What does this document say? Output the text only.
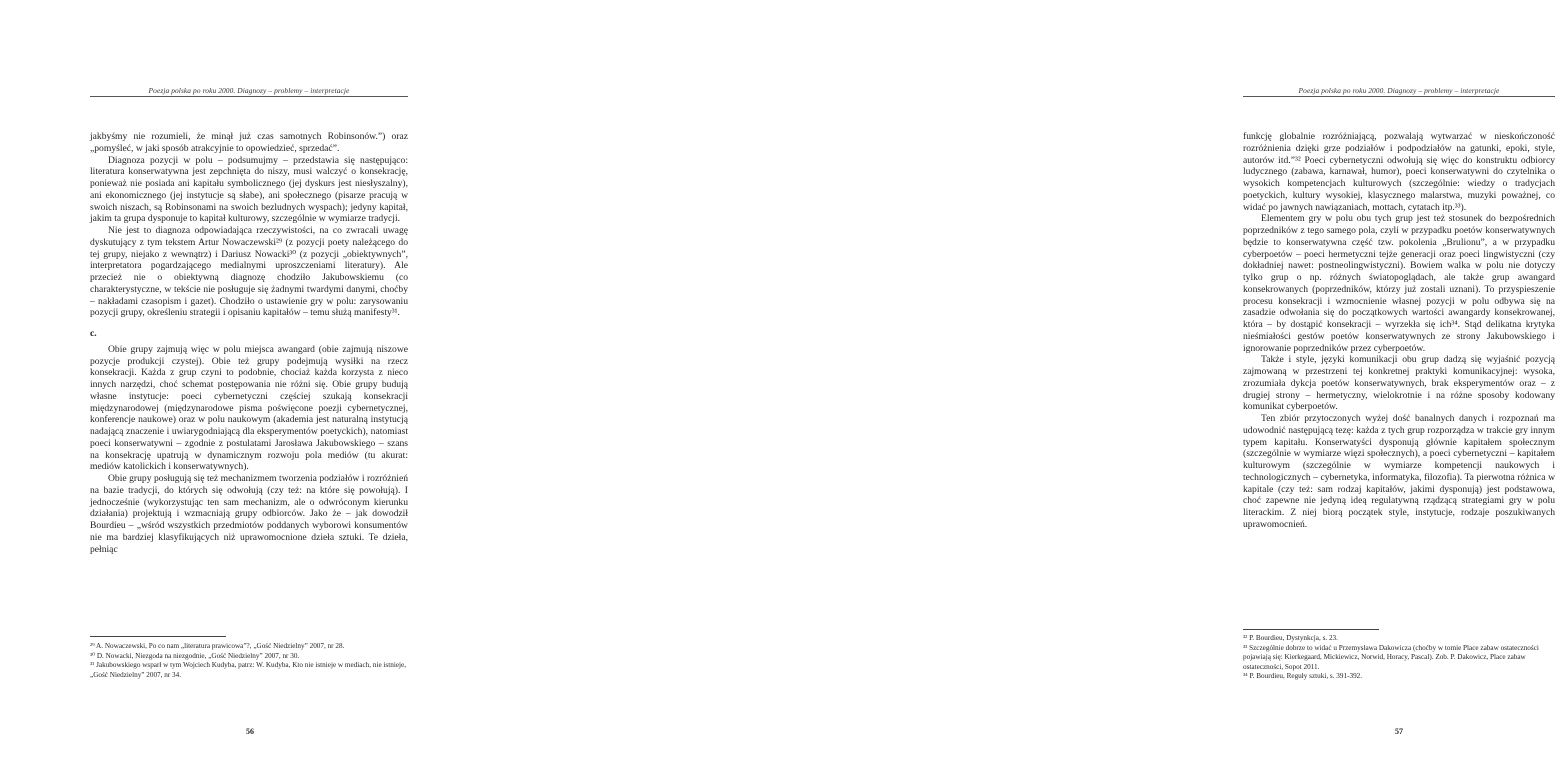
Poezja polska po roku 2000. Diagnozy – problemy – interpretacje

jakbyśmy nie rozumieli, że minął już czas samotnych Robinsonów.”) oraz „pomyśleć, w jaki sposób atrakcyjnie to opowiedzieć, sprzedać”.

Diagnoza pozycji w polu – podsumujmy – przedstawia się następująco: literatura konserwatywna jest zepchnięta do niszy, musi walczyć o konsekrację, ponieważ nie posiada ani kapitału symbolicznego (jej dyskurs jest niesłyszalny), ani ekonomicznego (jej instytucje są słabe), ani społecznego (pisarze pracują w swoich niszach, są Robinsonami na swoich bezludnych wyspach); jedyny kapitał, jakim ta grupa dysponuje to kapitał kulturowy, szczególnie w wymiarze tradycji.

Nie jest to diagnoza odpowiadająca rzeczywistości, na co zwracali uwagę dyskutujący z tym tekstem Artur Nowaczewski²⁹ (z pozycji poety należącego do tej grupy, niejako z wewnątrz) i Dariusz Nowacki³⁰ (z pozycji „obiektywnych”, interpretatora pogardzającego medialnymi uproszczeniami literatury). Ale przecież nie o obiektywną diagnozę chodziło Jakubowskiemu (co charakterystyczne, w tekście nie posługuje się żadnymi twardymi danymi, choćby – nakładami czasopism i gazet). Chodziło o ustawienie gry w polu: zarysowaniu pozycji grupy, określeniu strategii i opisaniu kapitałów – temu służą manifesty³¹.

c.

Obie grupy zajmują więc w polu miejsca awangard (obie zajmują niszowe pozycje produkcji czystej). Obie też grupy podejmują wysiłki na rzecz konsekracji. Każda z grup czyni to podobnie, chociaż każda korzysta z nieco innych narzędzi, choć schemat postępowania nie różni się. Obie grupy budują własne instytucje: poeci cybernetyczni częściej szukają konsekracji międzynarodowej (międzynarodowe pisma poświęcone poezji cybernetycznej, konferencje naukowe) oraz w polu naukowym (akademia jest naturalną instytucją nadającą znaczenie i uwiarygodniającą dla eksperymentów poetyckich), natomiast poeci konserwatywni – zgodnie z postulatami Jarosława Jakubowskiego – szans na konsekrację upatrują w dynamicznym rozwoju pola mediów (tu akurat: mediów katolickich i konserwatywnych).

Obie grupy posługują się też mechanizmem tworzenia podziałów i rozróżnień na bazie tradycji, do których się odwołują (czy też: na które się powołują). I jednocześnie (wykorzystując ten sam mechanizm, ale o odwróconym kierunku działania) projektują i wzmacniają grupy odbiorców. Jako że – jak dowodził Bourdieu – „wśród wszystkich przedmiotów poddanych wyborowi konsumentów nie ma bardziej klasyfikujących niż uprawomocnione dzieła sztuki. Te dzieła, pełniąc

²⁹ A. Nowaczewski, Po co nam „literatura prawicowa”?, „Gość Niedzielny” 2007, nr 28.

³⁰ D. Nowacki, Niezgoda na niezgodnie, „Gość Niedzielny” 2007, nr 30.

³¹ Jakubowskiego wsparł w tym Wojciech Kudyba, patrz: W. Kudyba, Kto nie istnieje w mediach, nie istnieje, „Gość Niedzielny” 2007, nr 34.

56
Poezja polska po roku 2000. Diagnozy – problemy – interpretacje

funkcję globalnie rozróżniającą, pozwalają wytwarzać w nieskończoność rozróżnienia dzięki grze podziałów i podpodziałów na gatunki, epoki, style, autorów itd.”³² Poeci cybernetyczni odwołują się więc do konstruktu odbiorcy ludycznego (zabawa, karnawał, humor), poeci konserwatywni do czytelnika o wysokich kompetencjach kulturowych (szczególnie: wiedzy o tradycjach poetyckich, kultury wysokiej, klasycznego malarstwa, muzyki poważnej, co widać po jawnych nawiązaniach, mottach, cytatach itp.³³).

Elementem gry w polu obu tych grup jest też stosunek do bezpośrednich poprzedników z tego samego pola, czyli w przypadku poetów konserwatywnych będzie to konserwatywna część tzw. pokolenia „Brulionu”, a w przypadku cyberpoetów – poeci hermetyczni tejże generacji oraz poeci lingwistyczni (czy dokładniej nawet: postneolingwistyczni). Bowiem walka w polu nie dotyczy tylko grup o np. różnych światopoglądach, ale także grup awangard konsekrowanych (poprzedników, którzy już zostali uznani). To przyspieszenie procesu konsekracji i wzmocnienie własnej pozycji w polu odbywa się na zasadzie odwołania się do początkowych wartości awangardy konsekrowanej, która – by dostąpić konsekracji – wyrzekła się ich³⁴. Stąd delikatna krytyka nieśmiałości gestów poetów konserwatywnych ze strony Jakubowskiego i ignorowanie poprzedników przez cyberpoetów.

Także i style, języki komunikacji obu grup dadzą się wyjaśnić pozycją zajmowaną w przestrzeni tej konkretnej praktyki komunikacyjnej: wysoka, zrozumiała dykcja poetów konserwatywnych, brak eksperymentów oraz – z drugiej strony – hermetyczny, wielokrotnie i na różne sposoby kodowany komunikat cyberpoetów.

Ten zbiór przytoczonych wyżej dość banalnych danych i rozpoznań ma udowodnić następującą tezę: każda z tych grup rozporządza w trakcie gry innym typem kapitału. Konserwatyści dysponują głównie kapitałem społecznym (szczególnie w wymiarze więzi społecznych), a poeci cybernetyczni – kapitałem kulturowym (szczególnie w wymiarze kompetencji naukowych i technologicznych – cybernetyka, informatyka, filozofia). Ta pierwotna różnica w kapitale (czy też: sam rodzaj kapitałów, jakimi dysponują) jest podstawowa, choć zapewne nie jedyną ideą regulatywną rządzącą strategiami gry w polu literackim. Z niej biorą początek style, instytucje, rodzaje poszukiwanych uprawomocnień.

³² P. Bourdieu, Dystynkcja, s. 23.

³³ Szczególnie dobrze to widać u Przemysława Dakowicza (choćby w tomie Place zabaw ostateczności pojawiają się: Kierkegaard, Mickiewicz, Norwid, Horacy, Pascal). Zob. P. Dakowicz, Place zabaw ostateczności, Sopot 2011.

³⁴ P. Bourdieu, Reguły sztuki, s. 391-392.

57
